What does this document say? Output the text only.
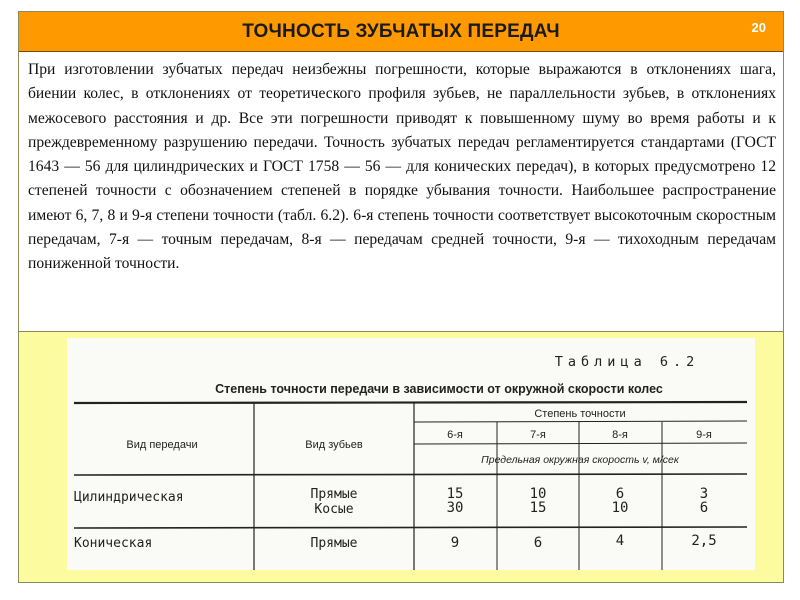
ТОЧНОСТЬ ЗУБЧАТЫХ ПЕРЕДАЧ	20

При изготовлении зубчатых передач неизбежны погрешности, которые выражаются в отклонениях шага, биении колес, в отклонениях от теоретического профиля зубьев, не параллельности зубьев, в отклонениях межосевого расстояния и др. Все эти погрешности приводят к повышенному шуму во время работы и к преждевременному разрушению передачи. Точность зубчатых передач регламентируется стандартами (ГОСТ 1643 — 56 для цилиндрических и ГОСТ 1758 — 56 — для конических передач), в которых предусмотрено 12 степеней точности с обозначением степеней в порядке убывания точности. Наибольшее распространение имеют 6, 7, 8 и 9-я степени точности (табл. 6.2). 6-я степень точности соответствует высокоточным скоростным передачам, 7-я — точным передачам, 8-я — передачам средней точности, 9-я — тихоходным передачам пониженной точности.

Таблица 6.2
Степень точности передачи в зависимости от окружной скорости колес
Вид передачи	Вид зубьев
Степень точности
6-я	7-я	8-я	9-я
Предельная окружная скорость v, м/сек
Цилиндрическая	Прямые	15	10	6	3
Косые	30	15	10	6
Коническая	Прямые	9	6	4	2,5
